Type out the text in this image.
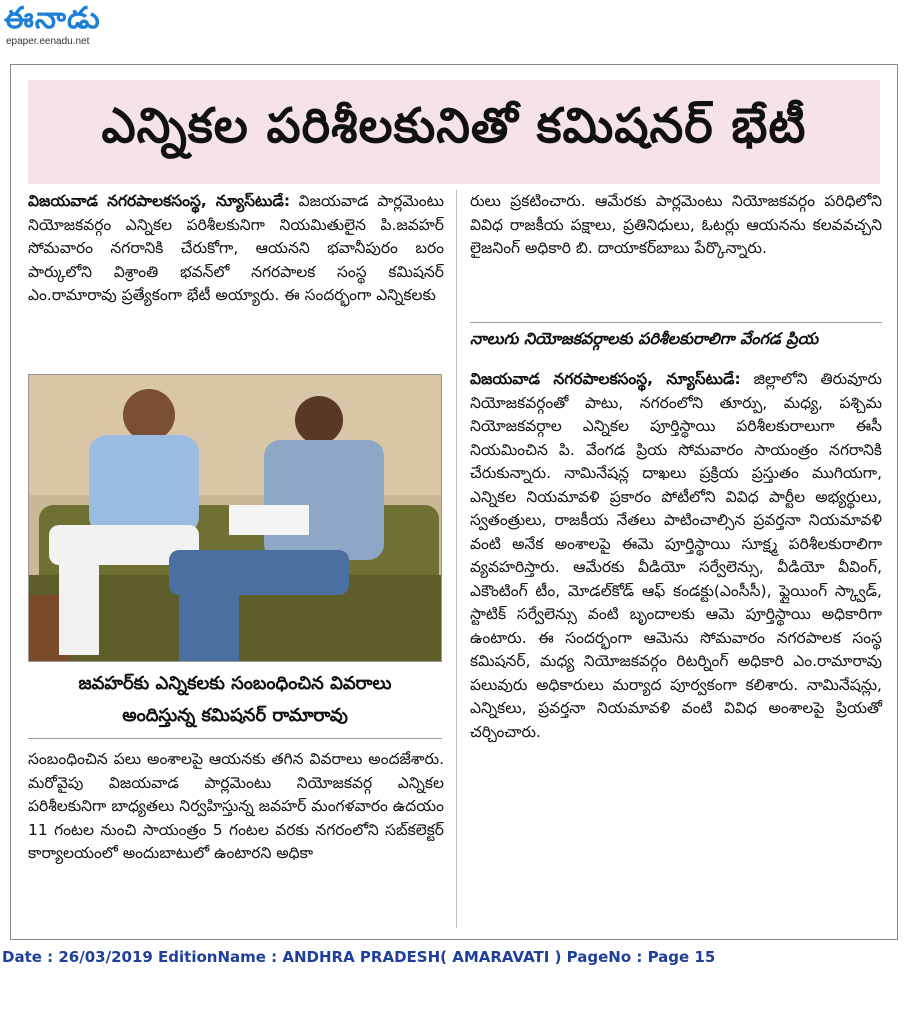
ఈనాడు
epaper.eenadu.net
ఎన్నికల పరిశీలకునితో కమిషనర్ భేటీ

విజయవాడ నగరపాలకసంస్థ, న్యూస్‌టుడే: విజయవాడ పార్లమెంటు నియోజకవర్గం ఎన్నికల పరిశీలకునిగా నియమితులైన పి.జవహర్ సోమవారం నగరానికి చేరుకోగా, ఆయనని భవానీపురం బరం పార్కులోని విశ్రాంతి భవన్‌లో నగరపాలక సంస్థ కమిషనర్ ఎం.రామారావు ప్రత్యేకంగా భేటీ అయ్యారు. ఈ సందర్భంగా ఎన్నికలకు

జవహర్‌కు ఎన్నికలకు సంబంధించిన వివరాలు
అందిస్తున్న కమిషనర్ రామారావు

సంబంధించిన పలు అంశాలపై ఆయనకు తగిన వివరాలు అందజేశారు. మరోవైపు విజయవాడ పార్లమెంటు నియోజకవర్గ ఎన్నికల పరిశీలకునిగా బాధ్యతలు నిర్వహిస్తున్న జవహర్ మంగళవారం ఉదయం 11 గంటల నుంచి సాయంత్రం 5 గంటల వరకు నగరంలోని సబ్‌కలెక్టర్ కార్యాలయంలో అందుబాటులో ఉంటారని అధికా

రులు ప్రకటించారు. ఆమేరకు పార్లమెంటు నియోజకవర్గం పరిధిలోని వివిధ రాజకీయ పక్షాలు, ప్రతినిధులు, ఓటర్లు ఆయనను కలవవచ్చని లైజనింగ్ అధికారి బి. దాయాకర్‌బాబు పేర్కొన్నారు.

నాలుగు నియోజకవర్గాలకు పరిశీలకురాలిగా వేంగడ ప్రియ

విజయవాడ నగరపాలకసంస్థ, న్యూస్‌టుడే: జిల్లాలోని తిరువూరు నియోజకవర్గంతో పాటు, నగరంలోని తూర్పు, మధ్య, పశ్చిమ నియోజకవర్గాల ఎన్నికల పూర్తిస్థాయి పరిశీలకురాలుగా ఈసీ నియమించిన పి. వేంగడ ప్రియ సోమవారం సాయంత్రం నగరానికి చేరుకున్నారు. నామినేషన్ల దాఖలు ప్రక్రియ ప్రస్తుతం ముగియగా, ఎన్నికల నియమావళి ప్రకారం పోటీలోని వివిధ పార్టీల అభ్యర్థులు, స్వతంత్రులు, రాజకీయ నేతలు పాటించాల్సిన ప్రవర్తనా నియమావళి వంటి అనేక అంశాలపై ఈమె పూర్తిస్థాయి సూక్ష్మ పరిశీలకురాలిగా వ్యవహరిస్తారు. ఆమేరకు వీడియో సర్వేలెన్సు, వీడియో వీవింగ్, ఎకౌంటింగ్ టీం, మోడల్‌కోడ్ ఆఫ్ కండక్టు(ఎంసీసీ), ఫ్లైయింగ్ స్క్వాడ్, స్టాటిక్ సర్వేలెన్సు వంటి బృందాలకు ఆమె పూర్తిస్థాయి అధికారిగా ఉంటారు. ఈ సందర్భంగా ఆమెను సోమవారం నగరపాలక సంస్థ కమిషనర్, మధ్య నియోజకవర్గం రిటర్నింగ్ అధికారి ఎం.రామారావు పలువురు అధికారులు మర్యాద పూర్వకంగా కలిశారు. నామినేషన్లు, ఎన్నికలు, ప్రవర్తనా నియమావళి వంటి వివిధ అంశాలపై ప్రియతో చర్చించారు.

Date : 26/03/2019 EditionName : ANDHRA PRADESH( AMARAVATI ) PageNo : Page 15
